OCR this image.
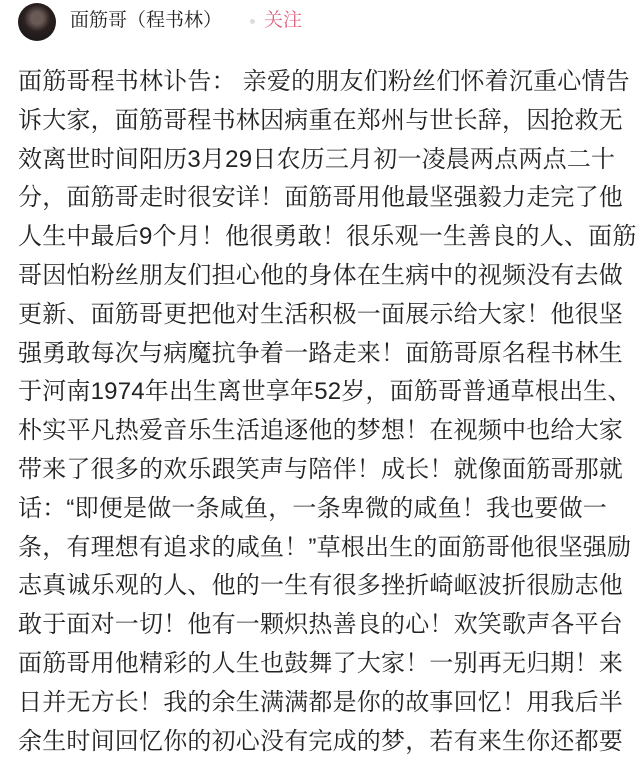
面筋哥（程书林） 关注
面筋哥程书林讣告： 亲爱的朋友们粉丝们怀着沉重心情告
诉大家，面筋哥程书林因病重在郑州与世长辞，因抢救无
效离世时间阳历3月29日农历三月初一凌晨两点两点二十
分，面筋哥走时很安详！面筋哥用他最坚强毅力走完了他
人生中最后9个月！他很勇敢！很乐观一生善良的人、面筋
哥因怕粉丝朋友们担心他的身体在生病中的视频没有去做
更新、面筋哥更把他对生活积极一面展示给大家！他很坚
强勇敢每次与病魔抗争着一路走来！面筋哥原名程书林生
于河南1974年出生离世享年52岁，面筋哥普通草根出生、
朴实平凡热爱音乐生活追逐他的梦想！在视频中也给大家
带来了很多的欢乐跟笑声与陪伴！成长！就像面筋哥那就
话：“即便是做一条咸鱼，一条卑微的咸鱼！我也要做一
条，有理想有追求的咸鱼！”草根出生的面筋哥他很坚强励
志真诚乐观的人、他的一生有很多挫折崎岖波折很励志他
敢于面对一切！他有一颗炽热善良的心！欢笑歌声各平台
面筋哥用他精彩的人生也鼓舞了大家！一别再无归期！来
日并无方长！我的余生满满都是你的故事回忆！用我后半
余生时间回忆你的初心没有完成的梦，若有来生你还都要
